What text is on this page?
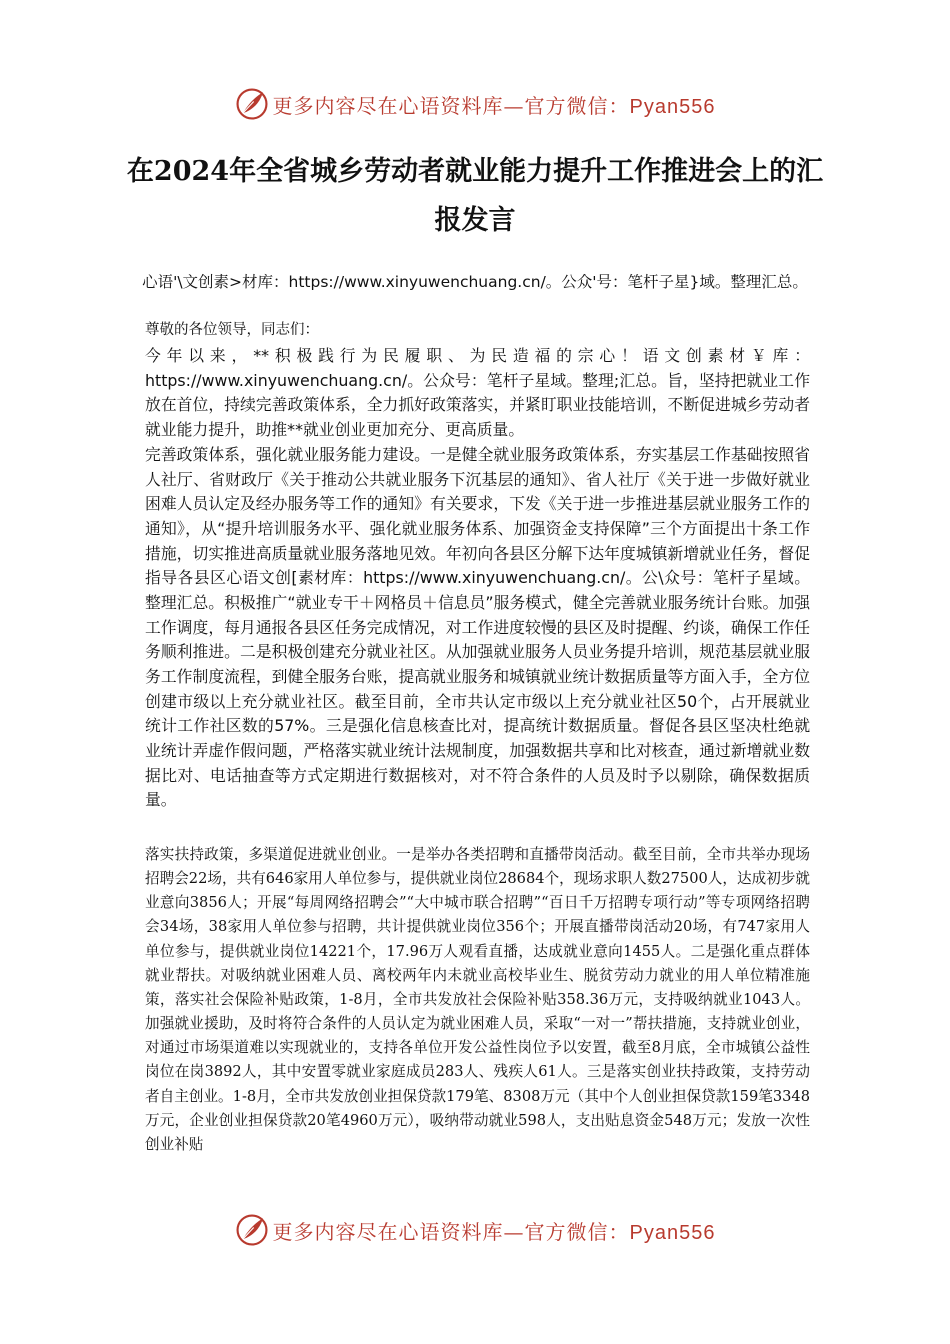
更多内容尽在心语资料库—官方微信：Pyan556
在2024年全省城乡劳动者就业能力提升工作推进会上的汇报发言

心语'\文创素>材库：https://www.xinyuwenchuang.cn/。公众'号：笔杆子星}域。整理汇总。

尊敬的各位领导，同志们：

今年以来，**积极践行为民履职、为民造福的宗心！语文创素材￥库：https://www.xinyuwenchuang.cn/。公众号：笔杆子星域。整理;汇总。旨，坚持把就业工作放在首位，持续完善政策体系，全力抓好政策落实，并紧盯职业技能培训，不断促进城乡劳动者就业能力提升，助推**就业创业更加充分、更高质量。

完善政策体系，强化就业服务能力建设。一是健全就业服务政策体系，夯实基层工作基础按照省人社厅、省财政厅《关于推动公共就业服务下沉基层的通知》、省人社厅《关于进一步做好就业困难人员认定及经办服务等工作的通知》有关要求，下发《关于进一步推进基层就业服务工作的通知》，从“提升培训服务水平、强化就业服务体系、加强资金支持保障”三个方面提出十条工作措施，切实推进高质量就业服务落地见效。年初向各县区分解下达年度城镇新增就业任务，督促指导各县区心语文创[素材库：https://www.xinyuwenchuang.cn/。公\众号：笔杆子星域。整理汇总。积极推广“就业专干＋网格员＋信息员”服务模式，健全完善就业服务统计台账。加强工作调度，每月通报各县区任务完成情况，对工作进度较慢的县区及时提醒、约谈，确保工作任务顺利推进。二是积极创建充分就业社区。从加强就业服务人员业务提升培训，规范基层就业服务工作制度流程，到健全服务台账，提高就业服务和城镇就业统计数据质量等方面入手，全方位创建市级以上充分就业社区。截至目前，全市共认定市级以上充分就业社区50个，占开展就业统计工作社区数的57%。三是强化信息核查比对，提高统计数据质量。督促各县区坚决杜绝就业统计弄虚作假问题，严格落实就业统计法规制度，加强数据共享和比对核查，通过新增就业数据比对、电话抽查等方式定期进行数据核对，对不符合条件的人员及时予以剔除，确保数据质量。

落实扶持政策，多渠道促进就业创业。一是举办各类招聘和直播带岗活动。截至目前，全市共举办现场招聘会22场，共有646家用人单位参与，提供就业岗位28684个，现场求职人数27500人，达成初步就业意向3856人；开展“每周网络招聘会”“大中城市联合招聘”“百日千万招聘专项行动”等专项网络招聘会34场，38家用人单位参与招聘，共计提供就业岗位356个；开展直播带岗活动20场，有747家用人单位参与，提供就业岗位14221个，17.96万人观看直播，达成就业意向1455人。二是强化重点群体就业帮扶。对吸纳就业困难人员、离校两年内未就业高校毕业生、脱贫劳动力就业的用人单位精准施策，落实社会保险补贴政策，1-8月，全市共发放社会保险补贴358.36万元，支持吸纳就业1043人。加强就业援助，及时将符合条件的人员认定为就业困难人员，采取“一对一”帮扶措施，支持就业创业，对通过市场渠道难以实现就业的，支持各单位开发公益性岗位予以安置，截至8月底，全市城镇公益性岗位在岗3892人，其中安置零就业家庭成员283人、残疾人61人。三是落实创业扶持政策，支持劳动者自主创业。1-8月，全市共发放创业担保贷款179笔、8308万元（其中个人创业担保贷款159笔3348万元，企业创业担保贷款20笔4960万元），吸纳带动就业598人，支出贴息资金548万元；发放一次性创业补贴

更多内容尽在心语资料库—官方微信：Pyan556
